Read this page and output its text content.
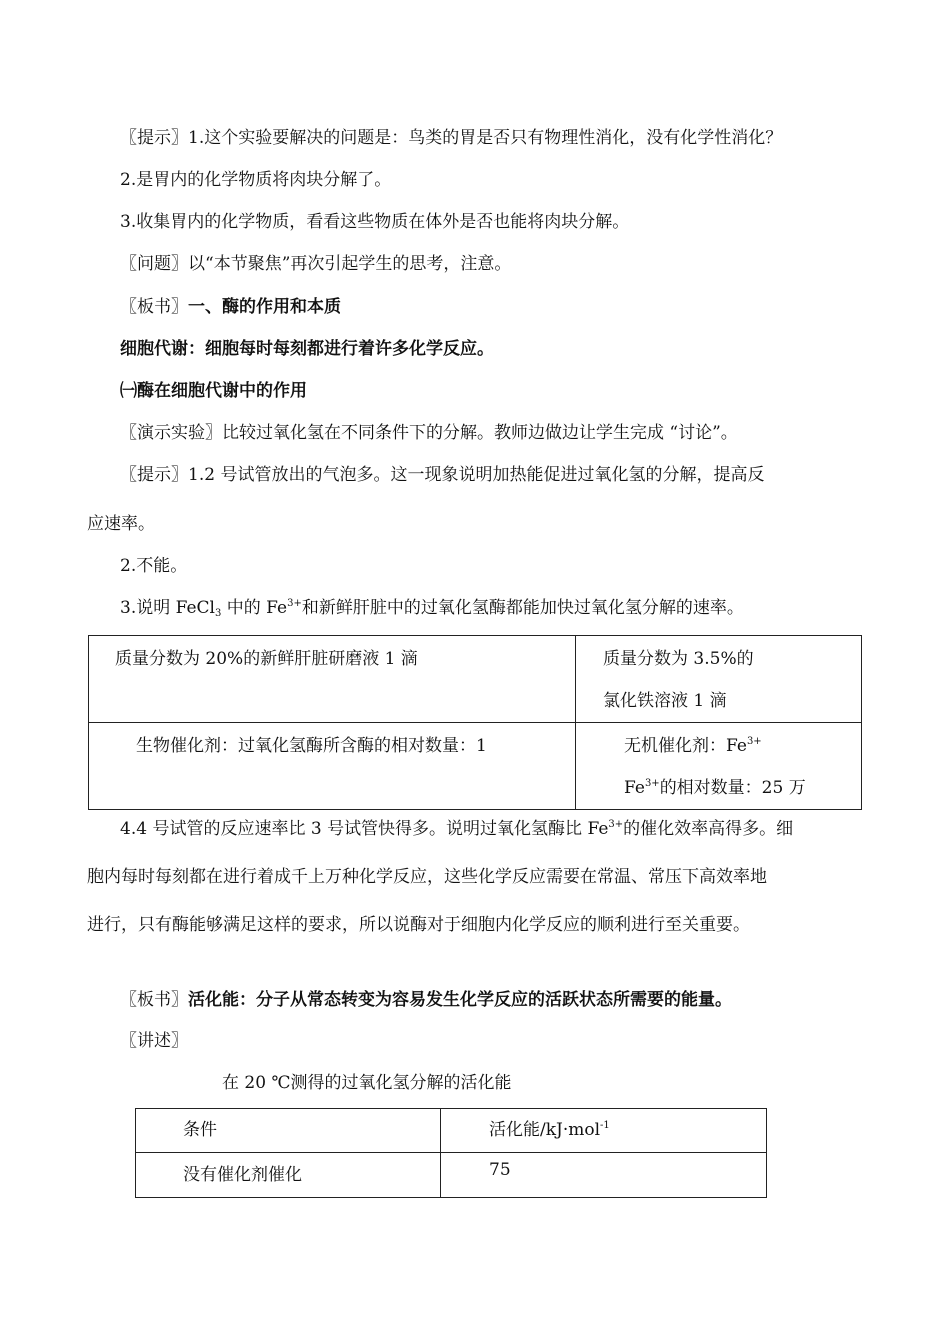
〖提示〗1.这个实验要解决的问题是：鸟类的胃是否只有物理性消化，没有化学性消化？
2.是胃内的化学物质将肉块分解了。
3.收集胃内的化学物质，看看这些物质在体外是否也能将肉块分解。
〖问题〗以“本节聚焦”再次引起学生的思考，注意。
〖板书〗一、酶的作用和本质
细胞代谢：细胞每时每刻都进行着许多化学反应。
㈠酶在细胞代谢中的作用
〖演示实验〗比较过氧化氢在不同条件下的分解。教师边做边让学生完成 “讨论”。
〖提示〗1.2 号试管放出的气泡多。这一现象说明加热能促进过氧化氢的分解，提高反
应速率。
2.不能。
3.说明 FeCl$_3$ 中的 $Fe^{3+}$和新鲜肝脏中的过氧化氢酶都能加快过氧化氢分解的速率。
质量分数为 20%的新鲜肝脏研磨液 1 滴	质量分数为 3.5%的
氯化铁溶液 1 滴

生物催化剂：过氧化氢酶所含酶的相对数量：1	无机催化剂：$Fe^{3+}$
$Fe^{3+}$的相对数量：25 万
4.4 号试管的反应速率比 3 号试管快得多。说明过氧化氢酶比 $Fe^{3+}$的催化效率高得多。细
胞内每时每刻都在进行着成千上万种化学反应，这些化学反应需要在常温、常压下高效率地
进行，只有酶能够满足这样的要求，所以说酶对于细胞内化学反应的顺利进行至关重要。
〖板书〗活化能：分子从常态转变为容易发生化学反应的活跃状态所需要的能量。
〖讲述〗
在 20 ℃测得的过氧化氢分解的活化能
条件	活化能/kJ·mol$^{-1}$

没有催化剂催化	75
